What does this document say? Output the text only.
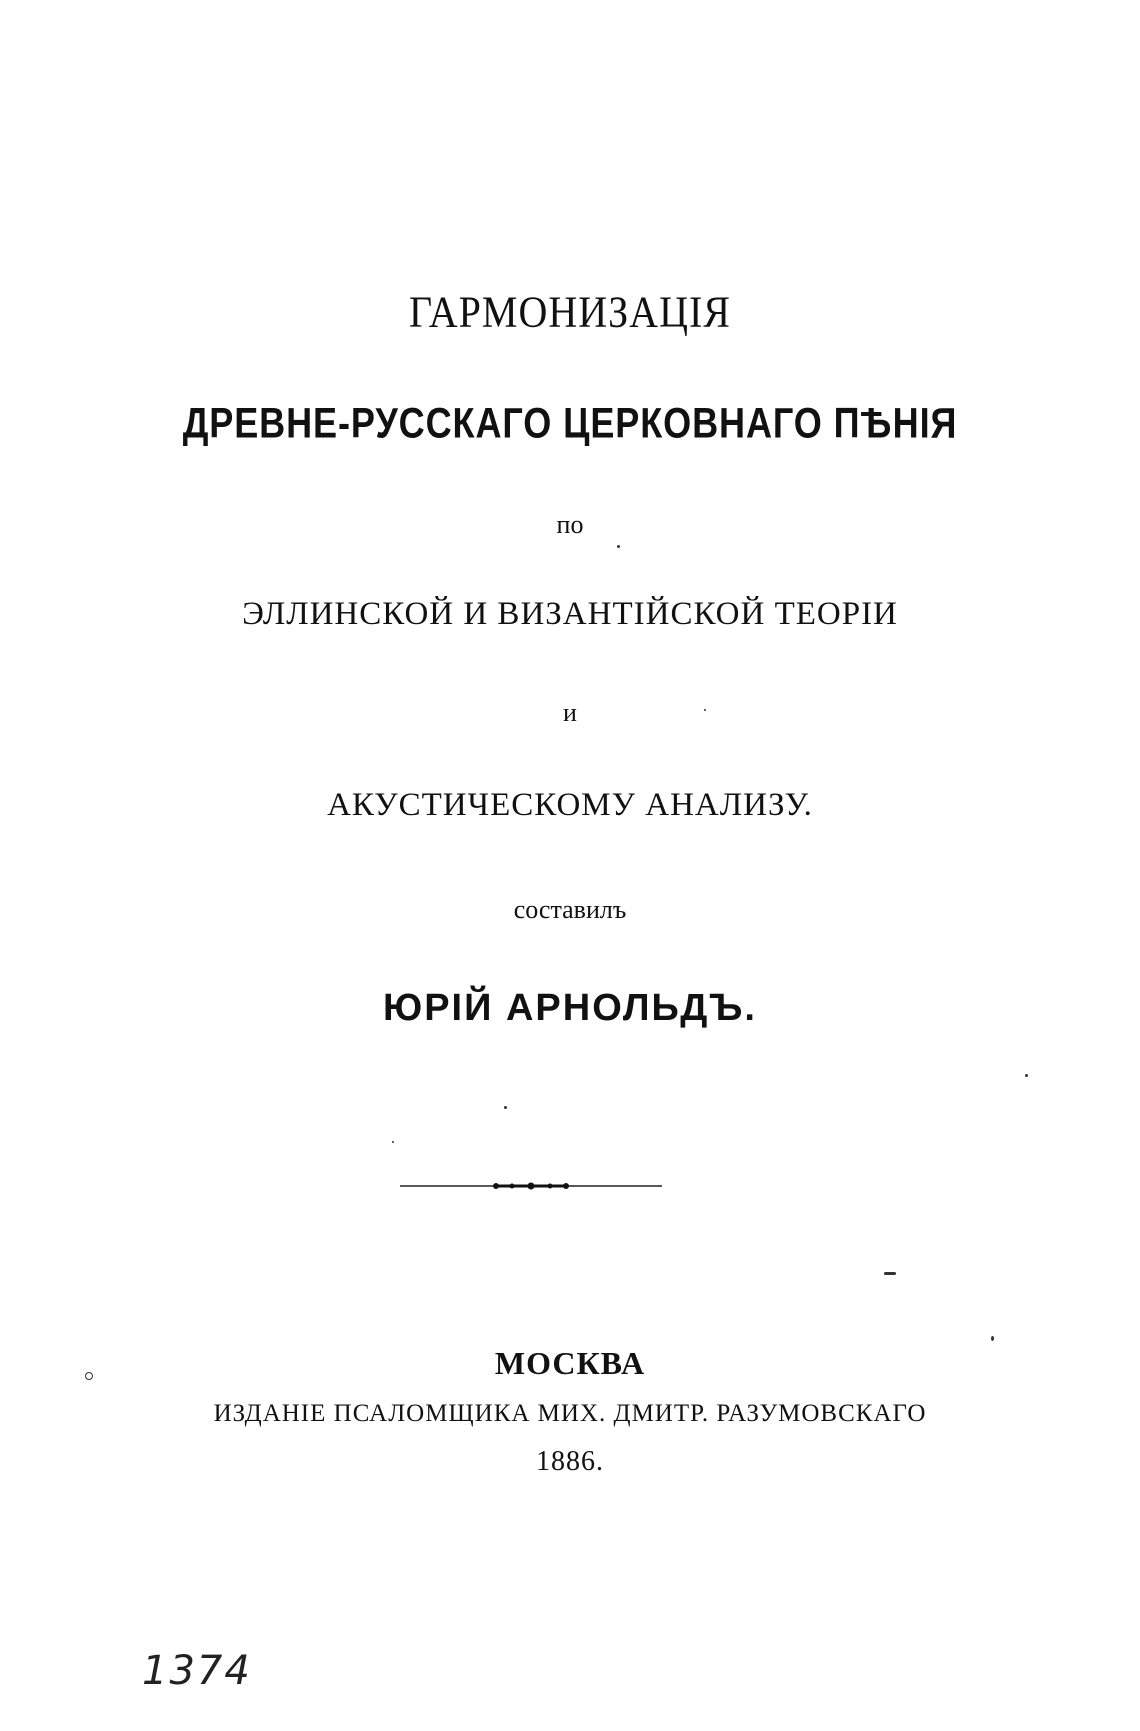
ГАРМОНИЗАЦІЯ
ДРЕВНЕ-РУССКАГО ЦЕРКОВНАГО ПѢНІЯ
по
ЭЛЛИНСКОЙ И ВИЗАНТІЙСКОЙ ТЕОРІИ
и
АКУСТИЧЕСКОМУ АНАЛИЗУ.
составилъ
ЮРІЙ АРНОЛЬДЪ.
МОСКВА
ИЗДАНІЕ ПСАЛОМЩИКА МИХ. ДМИТР. РАЗУМОВСКАГО
1886.
1374
